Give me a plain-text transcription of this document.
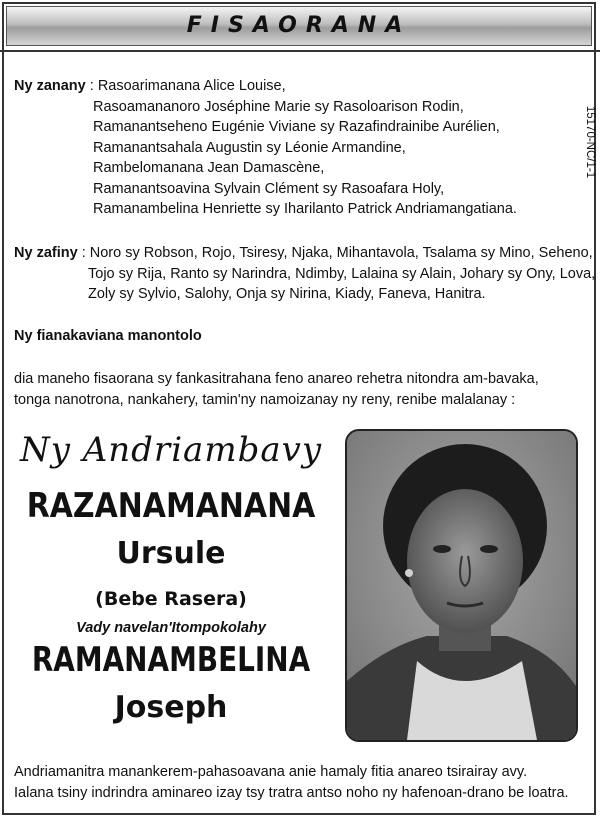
FISAORANA
15170-NC/1-1
Ny zanany : Rasoarimanana Alice Louise,
Rasoamananoro Joséphine Marie sy Rasoloarison Rodin,
Ramanantseheno Eugénie Viviane sy Razafindrainibe Aurélien,
Ramanantsahala Augustin sy Léonie Armandine,
Rambelomanana Jean Damascène,
Ramanantsoavina Sylvain Clément sy Rasoafara Holy,
Ramanambelina Henriette sy Iharilanto Patrick Andriamangatiana.
Ny zafiny : Noro sy Robson, Rojo, Tsiresy, Njaka, Mihantavola, Tsalama sy Mino, Seheno,
Tojo sy Rija, Ranto sy Narindra, Ndimby, Lalaina sy Alain, Johary sy Ony, Lova,
Zoly sy Sylvio, Salohy, Onja sy Nirina, Kiady, Faneva, Hanitra.
Ny fianakaviana manontolo
dia maneho fisaorana sy fankasitrahana feno anareo rehetra nitondra am-bavaka,
tonga nanotrona, nankahery, tamin'ny namoizanay ny reny, renibe malalanay :
Ny Andriambavy
RAZANAMANANA
Ursule
(Bebe Rasera)
Vady navelan'Itompokolahy
RAMANAMBELINA
Joseph
Andriamanitra manankerem-pahasoavana anie hamaly fitia anareo tsirairay avy.
Ialana tsiny indrindra aminareo izay tsy tratra antso noho ny hafenoan-drano be loatra.
